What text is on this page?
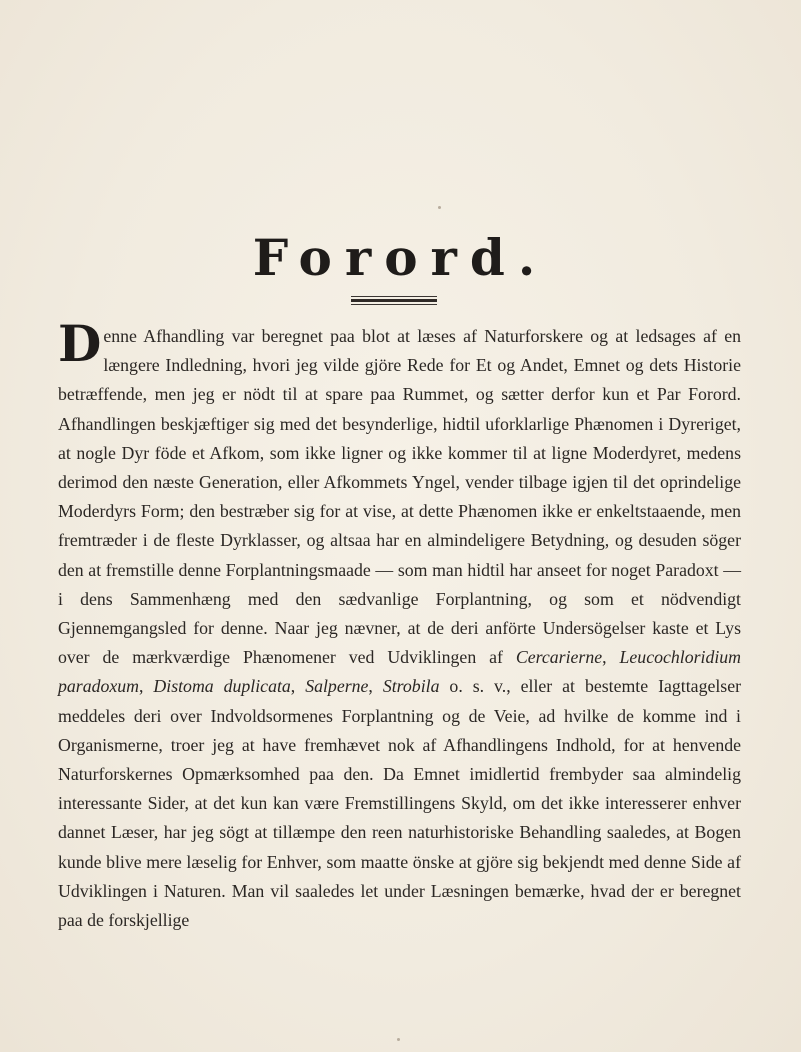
Forord.

Denne Afhandling var beregnet paa blot at læses af Naturforskere og at ledsages af en længere Indledning, hvori jeg vilde gjöre Rede for Et og Andet, Emnet og dets Historie betræffende, men jeg er nödt til at spare paa Rummet, og sætter derfor kun et Par Forord. Afhandlingen beskjæftiger sig med det besynderlige, hidtil uforklarlige Phænomen i Dyreriget, at nogle Dyr föde et Afkom, som ikke ligner og ikke kommer til at ligne Moderdyret, medens derimod den næste Generation, eller Afkommets Yngel, vender tilbage igjen til det oprindelige Moderdyrs Form; den bestræber sig for at vise, at dette Phænomen ikke er enkeltstaaende, men fremtræder i de fleste Dyrklasser, og altsaa har en almindeligere Betydning, og desuden söger den at fremstille denne Forplantningsmaade — som man hidtil har anseet for noget Paradoxt — i dens Sammenhæng med den sædvanlige Forplantning, og som et nödvendigt Gjennemgangsled for denne. Naar jeg nævner, at de deri anförte Undersögelser kaste et Lys over de mærkværdige Phænomener ved Udviklingen af Cercarierne, Leucochloridium paradoxum, Distoma duplicata, Salperne, Strobila o. s. v., eller at bestemte Iagttagelser meddeles deri over Indvoldsormenes Forplantning og de Veie, ad hvilke de komme ind i Organismerne, troer jeg at have fremhævet nok af Afhandlingens Indhold, for at henvende Naturforskernes Opmærksomhed paa den. Da Emnet imidlertid frembyder saa almindelig interessante Sider, at det kun kan være Fremstillingens Skyld, om det ikke interesserer enhver dannet Læser, har jeg sögt at tillæmpe den reen naturhistoriske Behandling saaledes, at Bogen kunde blive mere læselig for Enhver, som maatte önske at gjöre sig bekjendt med denne Side af Udviklingen i Naturen. Man vil saaledes let under Læsningen bemærke, hvad der er beregnet paa de forskjellige
